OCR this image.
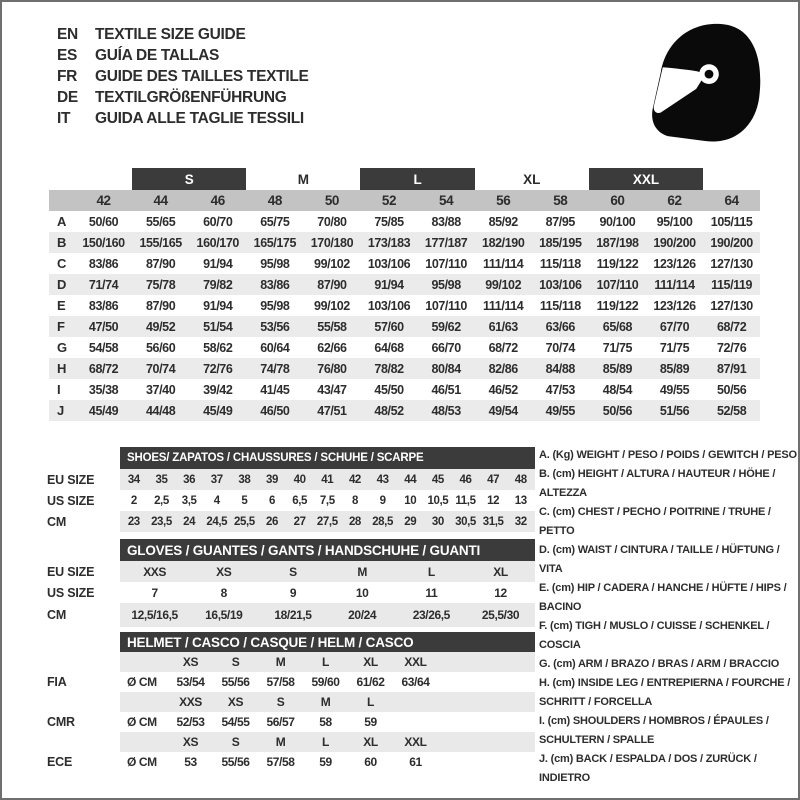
EN	TEXTILE SIZE GUIDE
ES	GUÍA DE TALLAS
FR	GUIDE DES TAILLES TEXTILE
DE	TEXTILGRÖßENFÜHRUNG
IT	GUIDA ALLE TAGLIE TESSILI
		S		M		L		XL		XXL		
	42	44	46	48	50	52	54	56	58	60	62	64
A	50/60	55/65	60/70	65/75	70/80	75/85	83/88	85/92	87/95	90/100	95/100	105/115
B	150/160	155/165	160/170	165/175	170/180	173/183	177/187	182/190	185/195	187/198	190/200	190/200
C	83/86	87/90	91/94	95/98	99/102	103/106	107/110	111/114	115/118	119/122	123/126	127/130
D	71/74	75/78	79/82	83/86	87/90	91/94	95/98	99/102	103/106	107/110	111/114	115/119
E	83/86	87/90	91/94	95/98	99/102	103/106	107/110	111/114	115/118	119/122	123/126	127/130
F	47/50	49/52	51/54	53/56	55/58	57/60	59/62	61/63	63/66	65/68	67/70	68/72
G	54/58	56/60	58/62	60/64	62/66	64/68	66/70	68/72	70/74	71/75	71/75	72/76
H	68/72	70/74	72/76	74/78	76/80	78/82	80/84	82/86	84/88	85/89	85/89	87/91
I	35/38	37/40	39/42	41/45	43/47	45/50	46/51	46/52	47/53	48/54	49/55	50/56
J	45/49	44/48	45/49	46/50	47/51	48/52	48/53	49/54	49/55	50/56	51/56	52/58
	SHOES/ ZAPATOS / CHAUSSURES / SCHUHE / SCARPE														
EU SIZE	34	35	36	37	38	39	40	41	42	43	44	45	46	47	48
US SIZE	2	2,5	3,5	4	5	6	6,5	7,5	8	9	10	10,5	11,5	12	13
CM	23	23,5	24	24,5	25,5	26	27	27,5	28	28,5	29	30	30,5	31,5	32
	GLOVES / GUANTES / GANTS / HANDSCHUHE / GUANTI					
EU SIZE	XXS	XS	S	M	L	XL
US SIZE	7	8	9	10	11	12
CM	12,5/16,5	16,5/19	18/21,5	20/24	23/26,5	25,5/30
	HELMET / CASCO / CASQUE / HELM / CASCO							
		XS	S	M	L	XL	XXL	
FIA	Ø CM	53/54	55/56	57/58	59/60	61/62	63/64	
		XXS	XS	S	M	L		
CMR	Ø CM	52/53	54/55	56/57	58	59		
		XS	S	M	L	XL	XXL	
ECE	Ø CM	53	55/56	57/58	59	60	61	
A. (Kg) WEIGHT / PESO / POIDS / GEWITCH / PESO
B. (cm) HEIGHT / ALTURA / HAUTEUR / HÖHE / ALTEZZA
C. (cm) CHEST / PECHO / POITRINE / TRUHE / PETTO
D. (cm) WAIST / CINTURA / TAILLE / HÜFTUNG / VITA
E. (cm) HIP / CADERA / HANCHE / HÜFTE / HIPS / BACINO
F. (cm) TIGH / MUSLO / CUISSE / SCHENKEL / COSCIA
G. (cm) ARM / BRAZO / BRAS / ARM / BRACCIO
H. (cm) INSIDE LEG / ENTREPIERNA / FOURCHE / SCHRITT / FORCELLA
I. (cm) SHOULDERS / HOMBROS / ÉPAULES / SCHULTERN / SPALLE
J. (cm) BACK / ESPALDA / DOS / ZURÜCK / INDIETRO
